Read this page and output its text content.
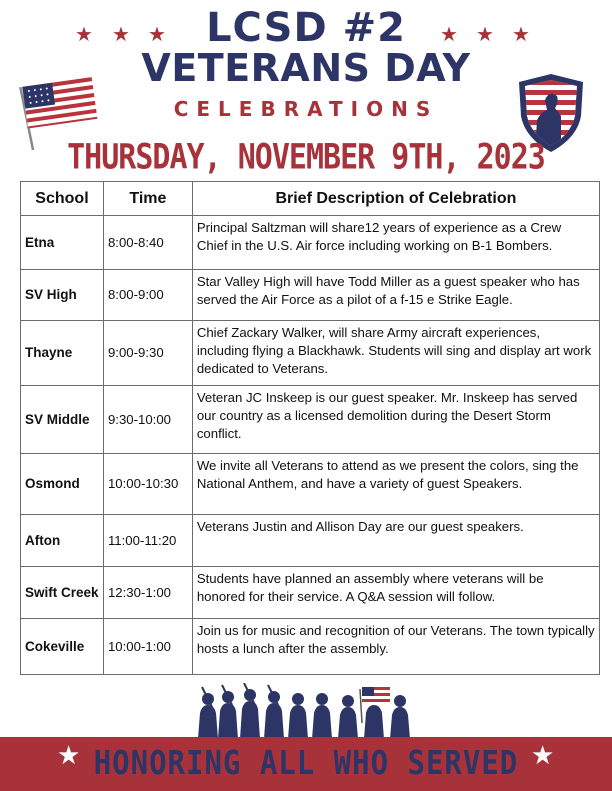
★ ★ ★	★ ★ ★
LCSD #2
VETERANS DAY
CELEBRATIONS
THURSDAY, NOVEMBER 9TH, 2023
School	Time	Brief Description of Celebration
Etna	8:00-8:40	Principal Saltzman will share12 years of experience as a Crew Chief in the U.S. Air force including working on B-1 Bombers.
SV High	8:00-9:00	Star Valley High will have Todd Miller as a guest speaker who has served the Air Force as a pilot of a f-15 e Strike Eagle.
Thayne	9:00-9:30	Chief Zackary Walker, will share Army aircraft experiences, including flying a Blackhawk. Students will sing and display art work dedicated to Veterans.
SV Middle	9:30-10:00	Veteran JC Inskeep is our guest speaker. Mr. Inskeep has served our country as a licensed demolition during the Desert Storm conflict.
Osmond	10:00-10:30	We invite all Veterans to attend as we present the colors, sing the National Anthem, and have a variety of guest Speakers.
Afton	11:00-11:20	Veterans Justin and Allison Day are our guest speakers.
Swift Creek	12:30-1:00	Students have planned an assembly where veterans will be honored for their service. A Q&A session will follow.
Cokeville	10:00-1:00	Join us for music and recognition of our Veterans. The town typically hosts a lunch after the assembly.
★	★
HONORING ALL WHO SERVED
